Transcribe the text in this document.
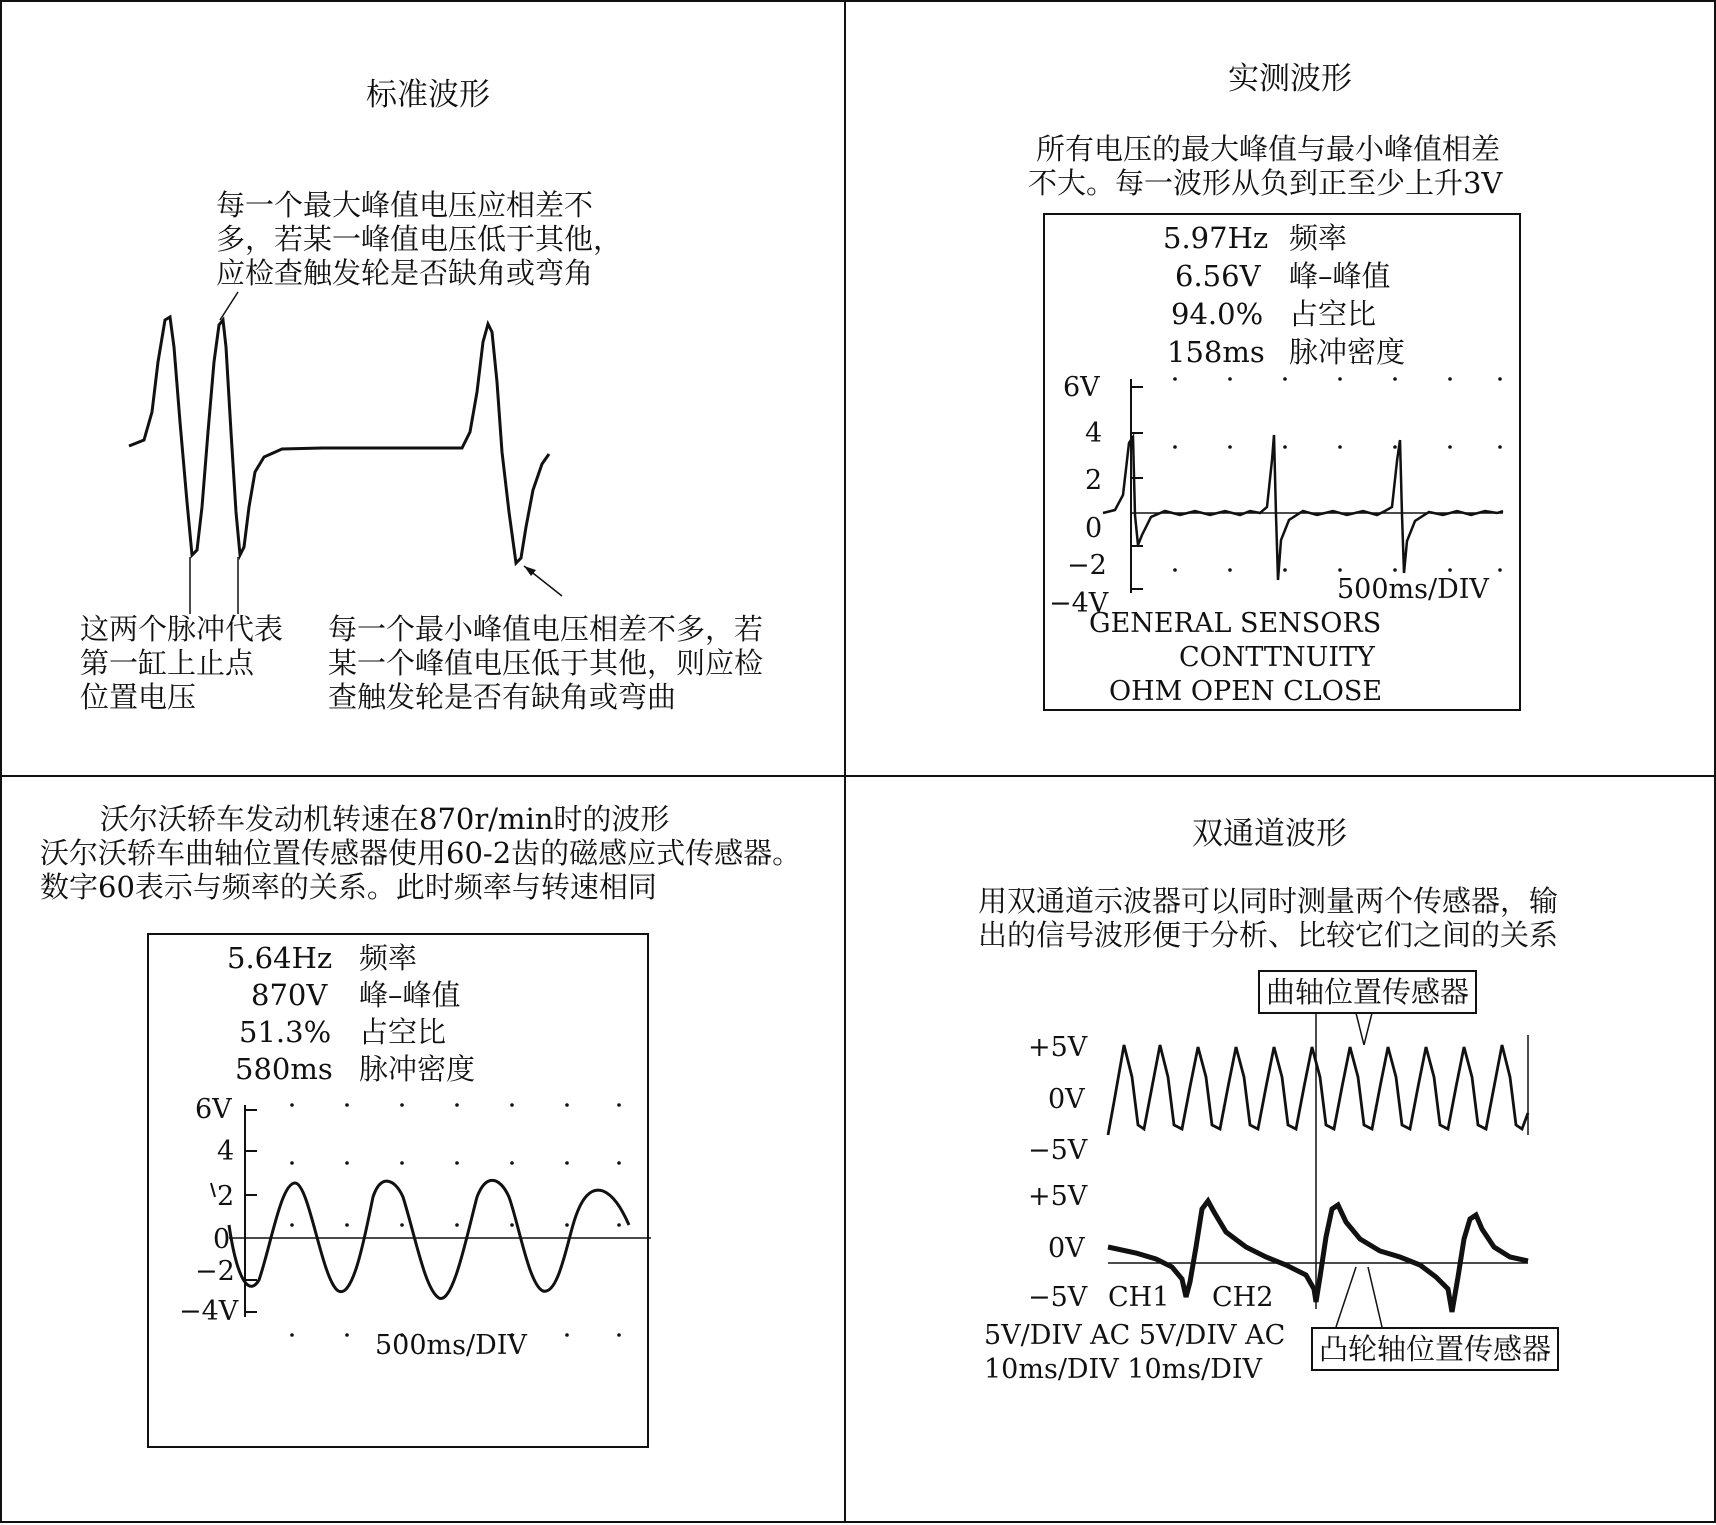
标准波形
每一个最大峰值电压应相差不
多，若某一峰值电压低于其他，
应检查触发轮是否缺角或弯角
这两个脉冲代表
第一缸上止点
位置电压
每一个最小峰值电压相差不多，若
某一个峰值电压低于其他，则应检
查触发轮是否有缺角或弯曲
实测波形
所有电压的最大峰值与最小峰值相差
不大。每一波形从负到正至少上升3V
5.97Hz 频率
6.56V 峰–峰值
94.0% 占空比
158ms 脉冲密度
6V
4
2
0
−2
−4V	500ms/DIV
GENERAL SENSORS
CONTTNUITY
OHM OPEN CLOSE
沃尔沃轿车发动机转速在870r/min时的波形
沃尔沃轿车曲轴位置传感器使用60-2齿的磁感应式传感器。
数字60表示与频率的关系。此时频率与转速相同
5.64Hz 频率
870V 峰–峰值
51.3% 占空比
580ms 脉冲密度
6V
4
2
0
−2
−4V
500ms/DIV
双通道波形
用双通道示波器可以同时测量两个传感器，输
出的信号波形便于分析、比较它们之间的关系
曲轴位置传感器
+5V
0V
−5V
+5V
0V
−5V CH1 CH2
5V/DIV AC 5V/DIV AC
10ms/DIV 10ms/DIV
凸轮轴位置传感器
